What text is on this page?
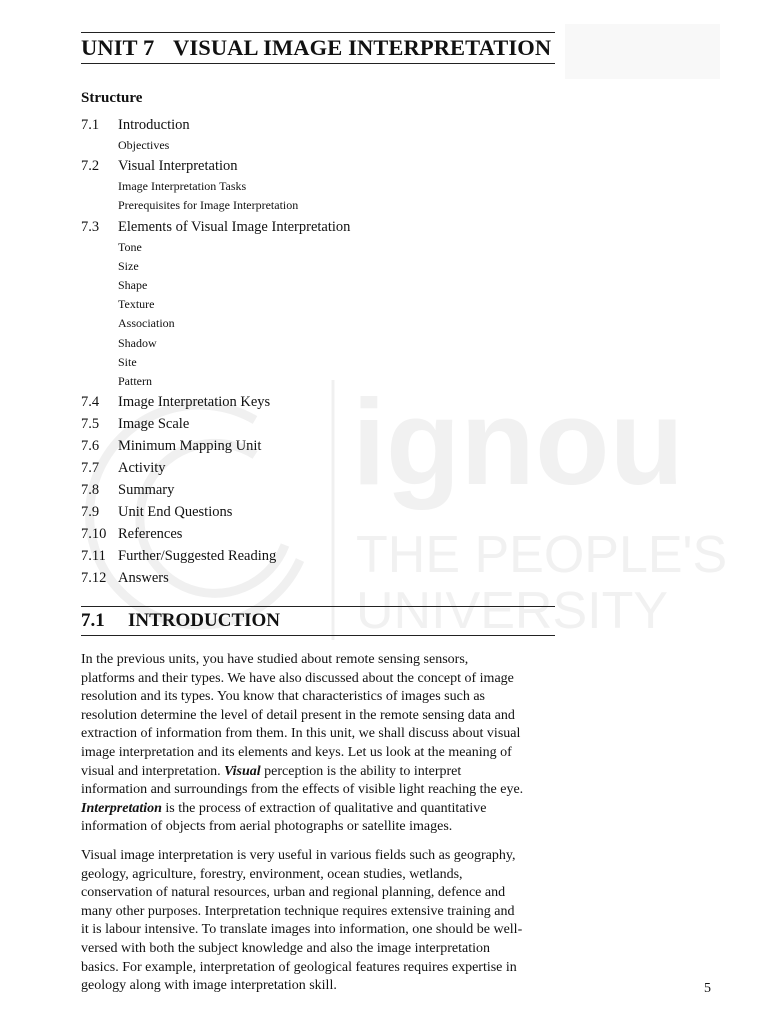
ignou
THE PEOPLE'S
UNIVERSITY
UNIT 7 VISUAL IMAGE INTERPRETATION
Structure
7.1 Introduction
Objectives
7.2 Visual Interpretation
Image Interpretation Tasks
Prerequisites for Image Interpretation
7.3 Elements of Visual Image Interpretation
Tone
Size
Shape
Texture
Association
Shadow
Site
Pattern
7.4 Image Interpretation Keys
7.5 Image Scale
7.6 Minimum Mapping Unit
7.7 Activity
7.8 Summary
7.9 Unit End Questions
7.10 References
7.11 Further/Suggested Reading
7.12 Answers
7.1 INTRODUCTION
In the previous units, you have studied about remote sensing sensors,
platforms and their types. We have also discussed about the concept of image
resolution and its types. You know that characteristics of images such as
resolution determine the level of detail present in the remote sensing data and
extraction of information from them. In this unit, we shall discuss about visual
image interpretation and its elements and keys. Let us look at the meaning of
visual and interpretation. Visual perception is the ability to interpret
information and surroundings from the effects of visible light reaching the eye.
Interpretation is the process of extraction of qualitative and quantitative
information of objects from aerial photographs or satellite images.
Visual image interpretation is very useful in various fields such as geography,
geology, agriculture, forestry, environment, ocean studies, wetlands,
conservation of natural resources, urban and regional planning, defence and
many other purposes. Interpretation technique requires extensive training and
it is labour intensive. To translate images into information, one should be well-
versed with both the subject knowledge and also the image interpretation
basics. For example, interpretation of geological features requires expertise in
geology along with image interpretation skill.	5
